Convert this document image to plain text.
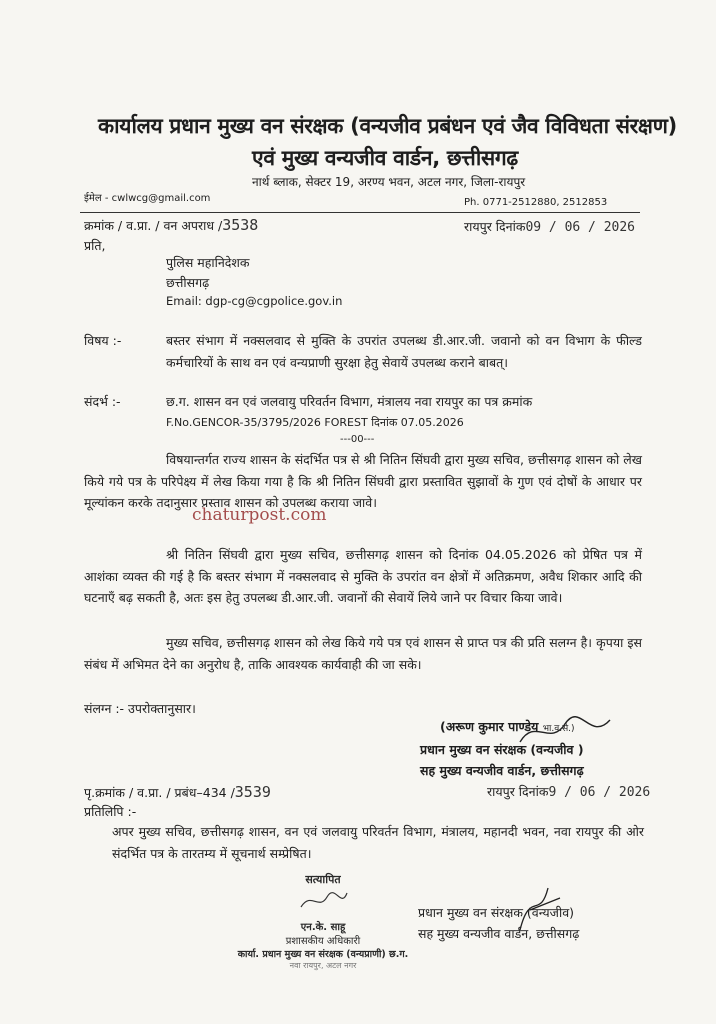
कार्यालय प्रधान मुख्य वन संरक्षक (वन्यजीव प्रबंधन एवं जैव विविधता संरक्षण)
एवं मुख्य वन्यजीव वार्डन, छत्तीसगढ़
नार्थ ब्लाक, सेक्टर 19, अरण्य भवन, अटल नगर, जिला-रायपुर
ईमेल - cwlwcg@gmail.com	Ph. 0771-2512880, 2512853
क्रमांक / व.प्रा. / वन अपराध /3538	रायपुर दिनांक09 / 06 / 2026
प्रति,
पुलिस महानिदेशक
छत्तीसगढ़
Email: dgp-cg@cgpolice.gov.in
विषय :-	बस्तर संभाग में नक्सलवाद से मुक्ति के उपरांत उपलब्ध डी.आर.जी. जवानो को वन विभाग के फील्ड कर्मचारियों के साथ वन एवं वन्यप्राणी सुरक्षा हेतु सेवायें उपलब्ध कराने बाबत्।
संदर्भ :-	छ.ग. शासन वन एवं जलवायु परिवर्तन विभाग, मंत्रालय नवा रायपुर का पत्र क्रमांक
F.No.GENCOR-35/3795/2026 FOREST दिनांक 07.05.2026
---00---
विषयान्तर्गत राज्य शासन के संदर्भित पत्र से श्री नितिन सिंघवी द्वारा मुख्य सचिव, छत्तीसगढ़ शासन को लेख किये गये पत्र के परिपेक्ष्य में लेख किया गया है कि श्री नितिन सिंघवी द्वारा प्रस्तावित सुझावों के गुण एवं दोषों के आधार पर मूल्यांकन करके तदानुसार प्रस्ताव शासन को उपलब्ध कराया जावे।
chaturpost.com
श्री नितिन सिंघवी द्वारा मुख्य सचिव, छत्तीसगढ़ शासन को दिनांक 04.05.2026 को प्रेषित पत्र में आशंका व्यक्त की गई है कि बस्तर संभाग में नक्सलवाद से मुक्ति के उपरांत वन क्षेत्रों में अतिक्रमण, अवैध शिकार आदि की घटनाएँ बढ़ सकती है, अतः इस हेतु उपलब्ध डी.आर.जी. जवानों की सेवायें लिये जाने पर विचार किया जावे।
मुख्य सचिव, छत्तीसगढ़ शासन को लेख किये गये पत्र एवं शासन से प्राप्त पत्र की प्रति सलग्न है। कृपया इस संबंध में अभिमत देने का अनुरोध है, ताकि आवश्यक कार्यवाही की जा सके।
संलग्न :- उपरोक्तानुसार।
(अरूण कुमार पाण्डेय भा.व.से.)
प्रधान मुख्य वन संरक्षक (वन्यजीव )
सह मुख्य वन्यजीव वार्डन, छत्तीसगढ़
रायपुर दिनांक9 / 06 / 2026
पृ.क्रमांक / व.प्रा. / प्रबंध–434 /3539
प्रतिलिपि :-
अपर मुख्य सचिव, छत्तीसगढ़ शासन, वन एवं जलवायु परिवर्तन विभाग, मंत्रालय, महानदी भवन, नवा रायपुर की ओर संदर्भित पत्र के तारतम्य में सूचनार्थ सम्प्रेषित।
सत्यापित
एन.के. साहू
प्रशासकीय अधिकारी
कार्या. प्रधान मुख्य वन संरक्षक (वन्यप्राणी) छ.ग.
नवा रायपुर, अटल नगर
प्रधान मुख्य वन संरक्षक (वन्यजीव)
सह मुख्य वन्यजीव वार्डन, छत्तीसगढ़
